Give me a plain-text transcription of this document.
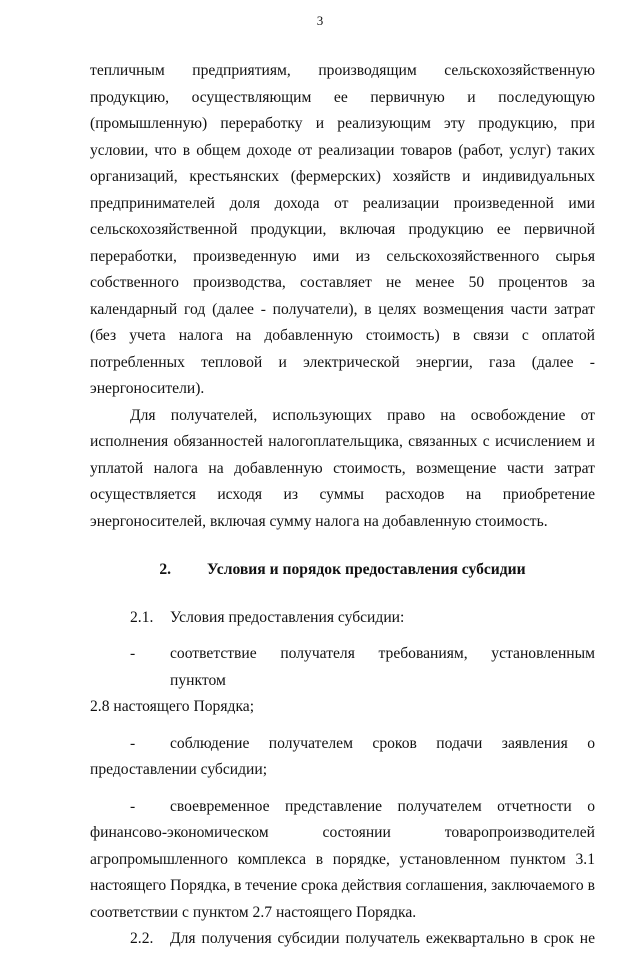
3

тепличным предприятиям, производящим сельскохозяйственную продукцию, осуществляющим ее первичную и последующую (промышленную) переработку и реализующим эту продукцию, при условии, что в общем доходе от реализации товаров (работ, услуг) таких организаций, крестьянских (фермерских) хозяйств и индивидуальных предпринимателей доля дохода от реализации произведенной ими сельскохозяйственной продукции, включая продукцию ее первичной переработки, произведенную ими из сельскохозяйственного сырья собственного производства, составляет не менее 50 процентов за календарный год (далее - получатели), в целях возмещения части затрат (без учета налога на добавленную стоимость) в связи с оплатой потребленных тепловой и электрической энергии, газа (далее - энергоносители).

Для получателей, использующих право на освобождение от исполнения обязанностей налогоплательщика, связанных с исчислением и уплатой налога на добавленную стоимость, возмещение части затрат осуществляется исходя из суммы расходов на приобретение энергоносителей, включая сумму налога на добавленную стоимость.

2. Условия и порядок предоставления субсидии
2.1.	Условия предоставления субсидии:
-	соответствие получателя требованиям, установленным пунктом

2.8 настоящего Порядка;

-	соблюдение получателем сроков подачи заявления о

предоставлении субсидии;

-	своевременное представление получателем отчетности о

финансово-экономическом состоянии товаропроизводителей

агропромышленного комплекса в порядке, установленном пунктом 3.1 настоящего Порядка, в течение срока действия соглашения, заключаемого в соответствии с пунктом 2.7 настоящего Порядка.

2.2.	Для получения субсидии получатель ежеквартально в срок не
